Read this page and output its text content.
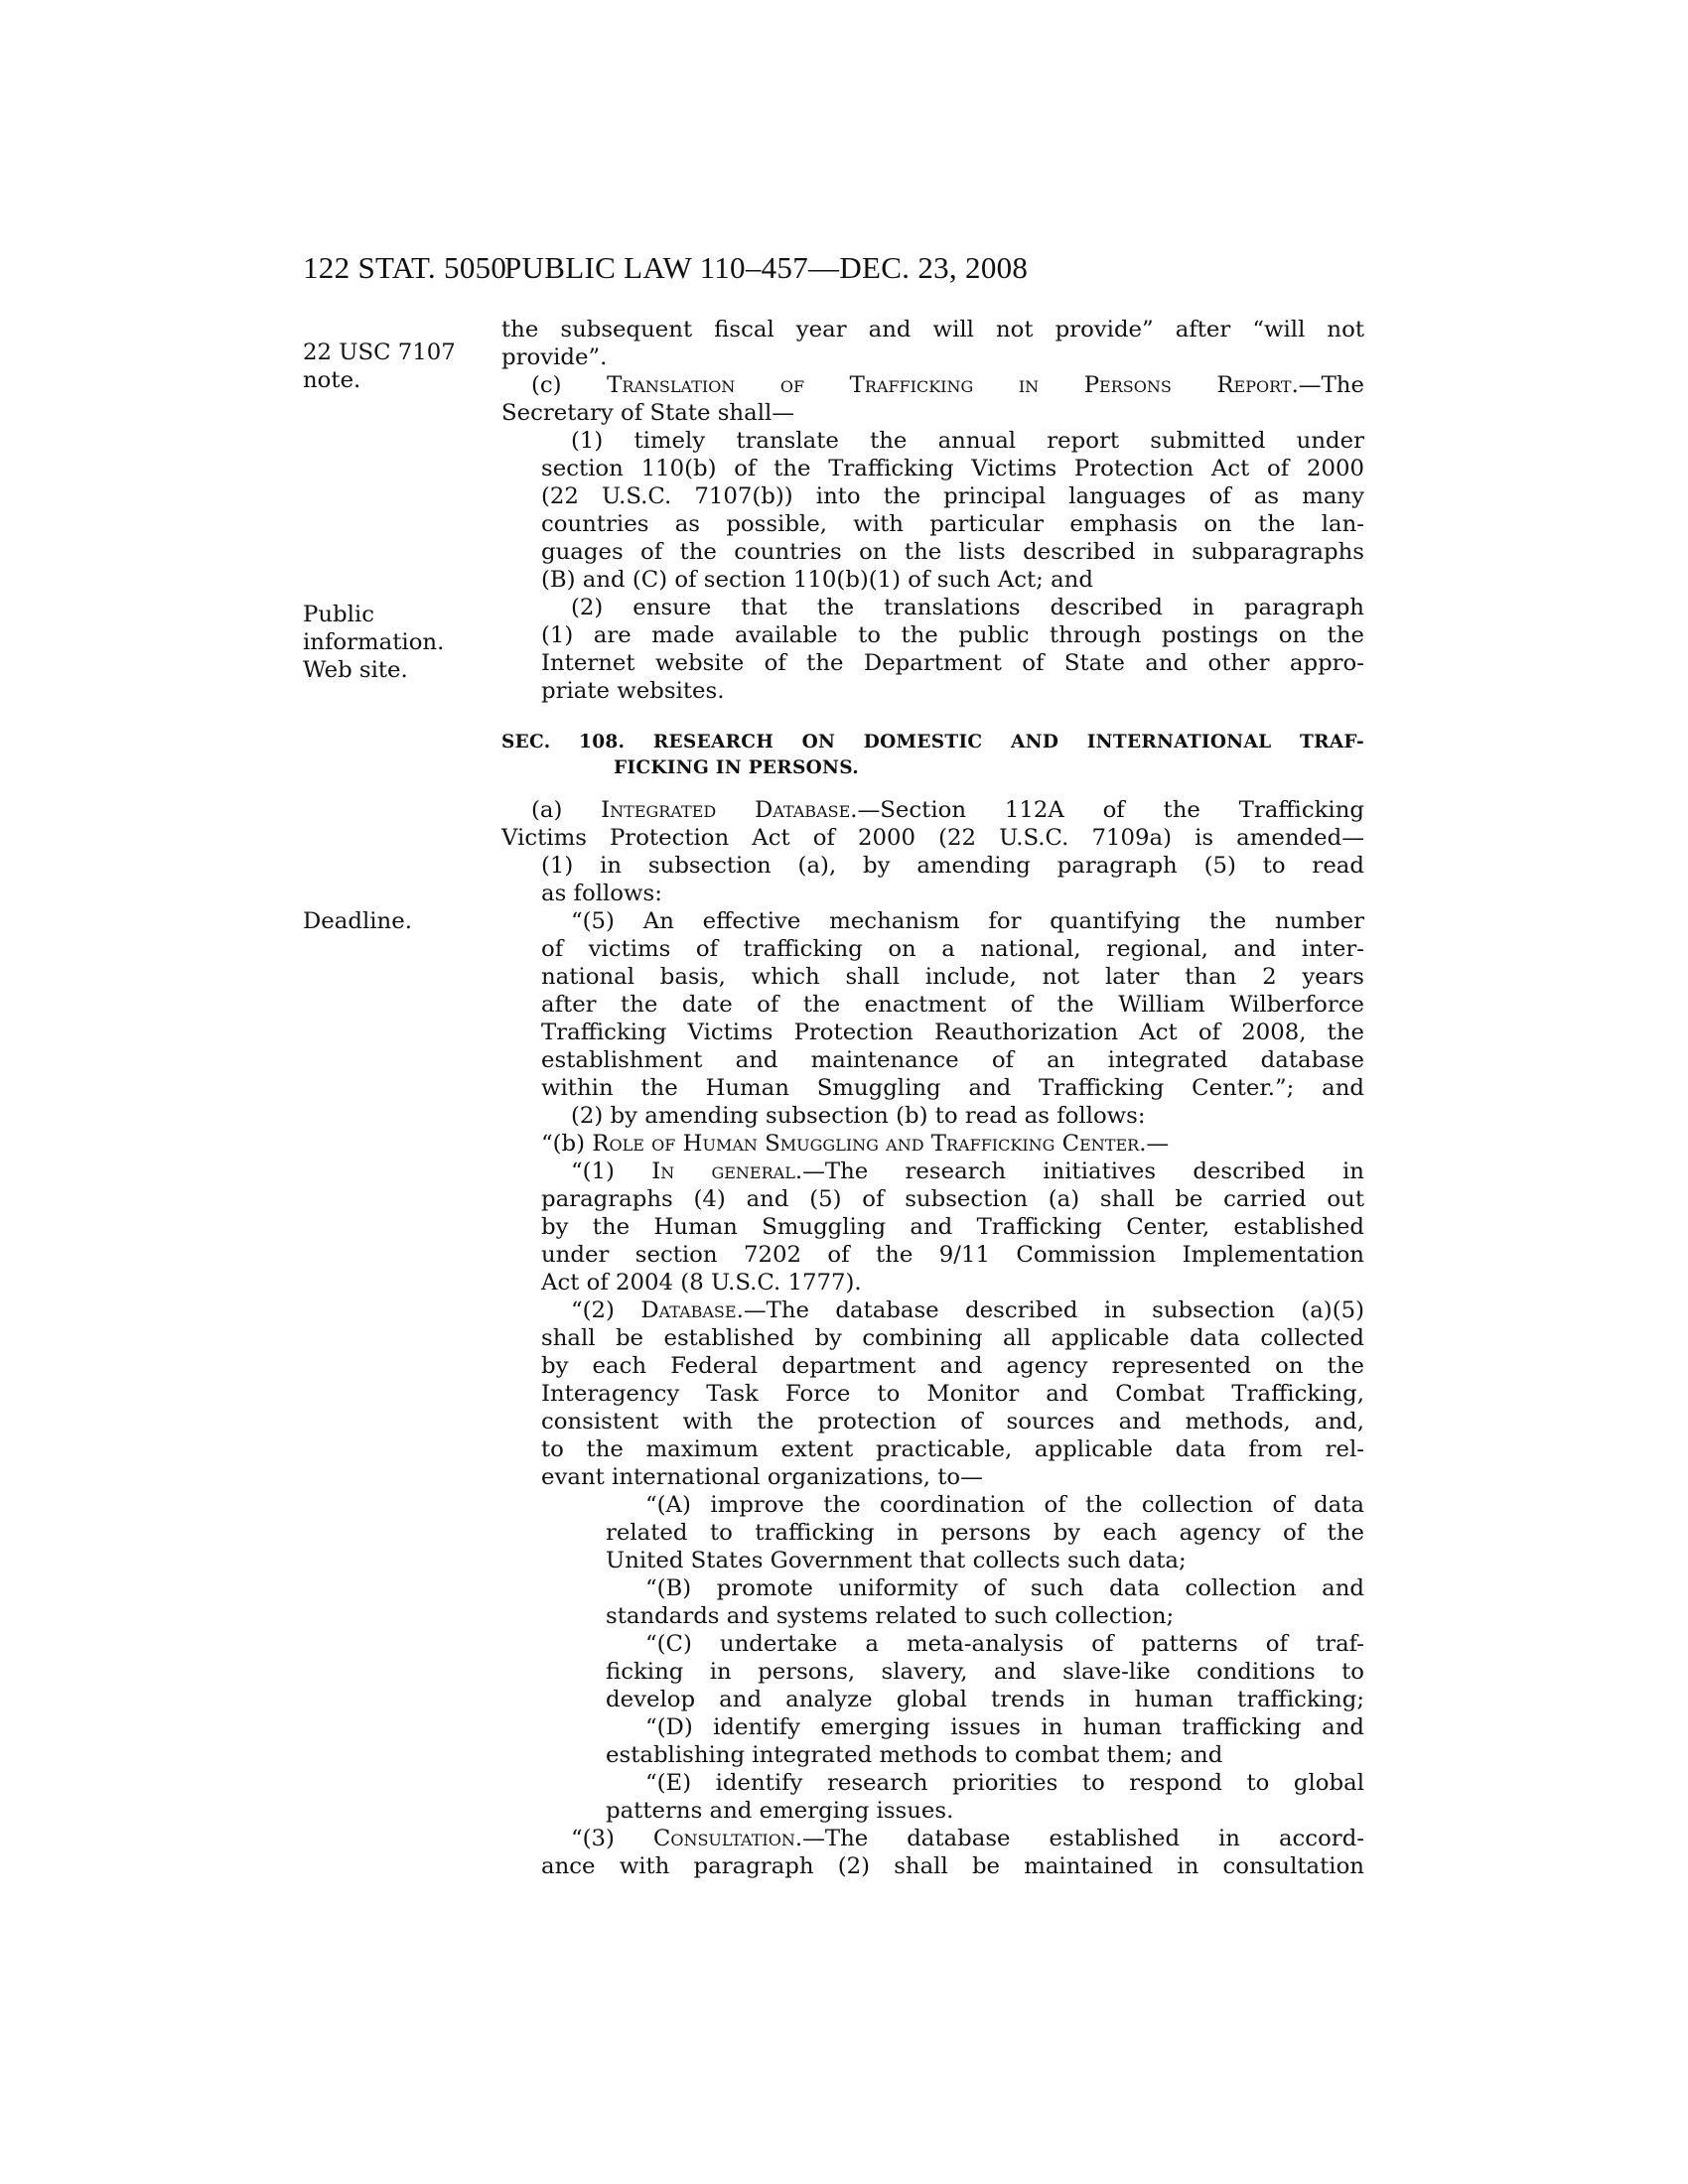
122 STAT. 5050
PUBLIC LAW 110–457—DEC. 23, 2008
22 USC 7107
note.
Public
information.
Web site.
Deadline.
the subsequent fiscal year and will not provide” after “will not
provide”.
(c) Translation of Trafficking in Persons Report.—The
Secretary of State shall—
(1) timely translate the annual report submitted under
section 110(b) of the Trafficking Victims Protection Act of 2000
(22 U.S.C. 7107(b)) into the principal languages of as many
countries as possible, with particular emphasis on the lan-
guages of the countries on the lists described in subparagraphs
(B) and (C) of section 110(b)(1) of such Act; and
(2) ensure that the translations described in paragraph
(1) are made available to the public through postings on the
Internet website of the Department of State and other appro-
priate websites.
SEC. 108. RESEARCH ON DOMESTIC AND INTERNATIONAL TRAF-
FICKING IN PERSONS.
(a) Integrated Database.—Section 112A of the Trafficking
Victims Protection Act of 2000 (22 U.S.C. 7109a) is amended—
(1) in subsection (a), by amending paragraph (5) to read
as follows:
“(5) An effective mechanism for quantifying the number
of victims of trafficking on a national, regional, and inter-
national basis, which shall include, not later than 2 years
after the date of the enactment of the William Wilberforce
Trafficking Victims Protection Reauthorization Act of 2008, the
establishment and maintenance of an integrated database
within the Human Smuggling and Trafficking Center.”; and
(2) by amending subsection (b) to read as follows:
“(b) Role of Human Smuggling and Trafficking Center.—
“(1) In general.—The research initiatives described in
paragraphs (4) and (5) of subsection (a) shall be carried out
by the Human Smuggling and Trafficking Center, established
under section 7202 of the 9/11 Commission Implementation
Act of 2004 (8 U.S.C. 1777).
“(2) Database.—The database described in subsection (a)(5)
shall be established by combining all applicable data collected
by each Federal department and agency represented on the
Interagency Task Force to Monitor and Combat Trafficking,
consistent with the protection of sources and methods, and,
to the maximum extent practicable, applicable data from rel-
evant international organizations, to—
“(A) improve the coordination of the collection of data
related to trafficking in persons by each agency of the
United States Government that collects such data;
“(B) promote uniformity of such data collection and
standards and systems related to such collection;
“(C) undertake a meta-analysis of patterns of traf-
ficking in persons, slavery, and slave-like conditions to
develop and analyze global trends in human trafficking;
“(D) identify emerging issues in human trafficking and
establishing integrated methods to combat them; and
“(E) identify research priorities to respond to global
patterns and emerging issues.
“(3) Consultation.—The database established in accord-
ance with paragraph (2) shall be maintained in consultation
